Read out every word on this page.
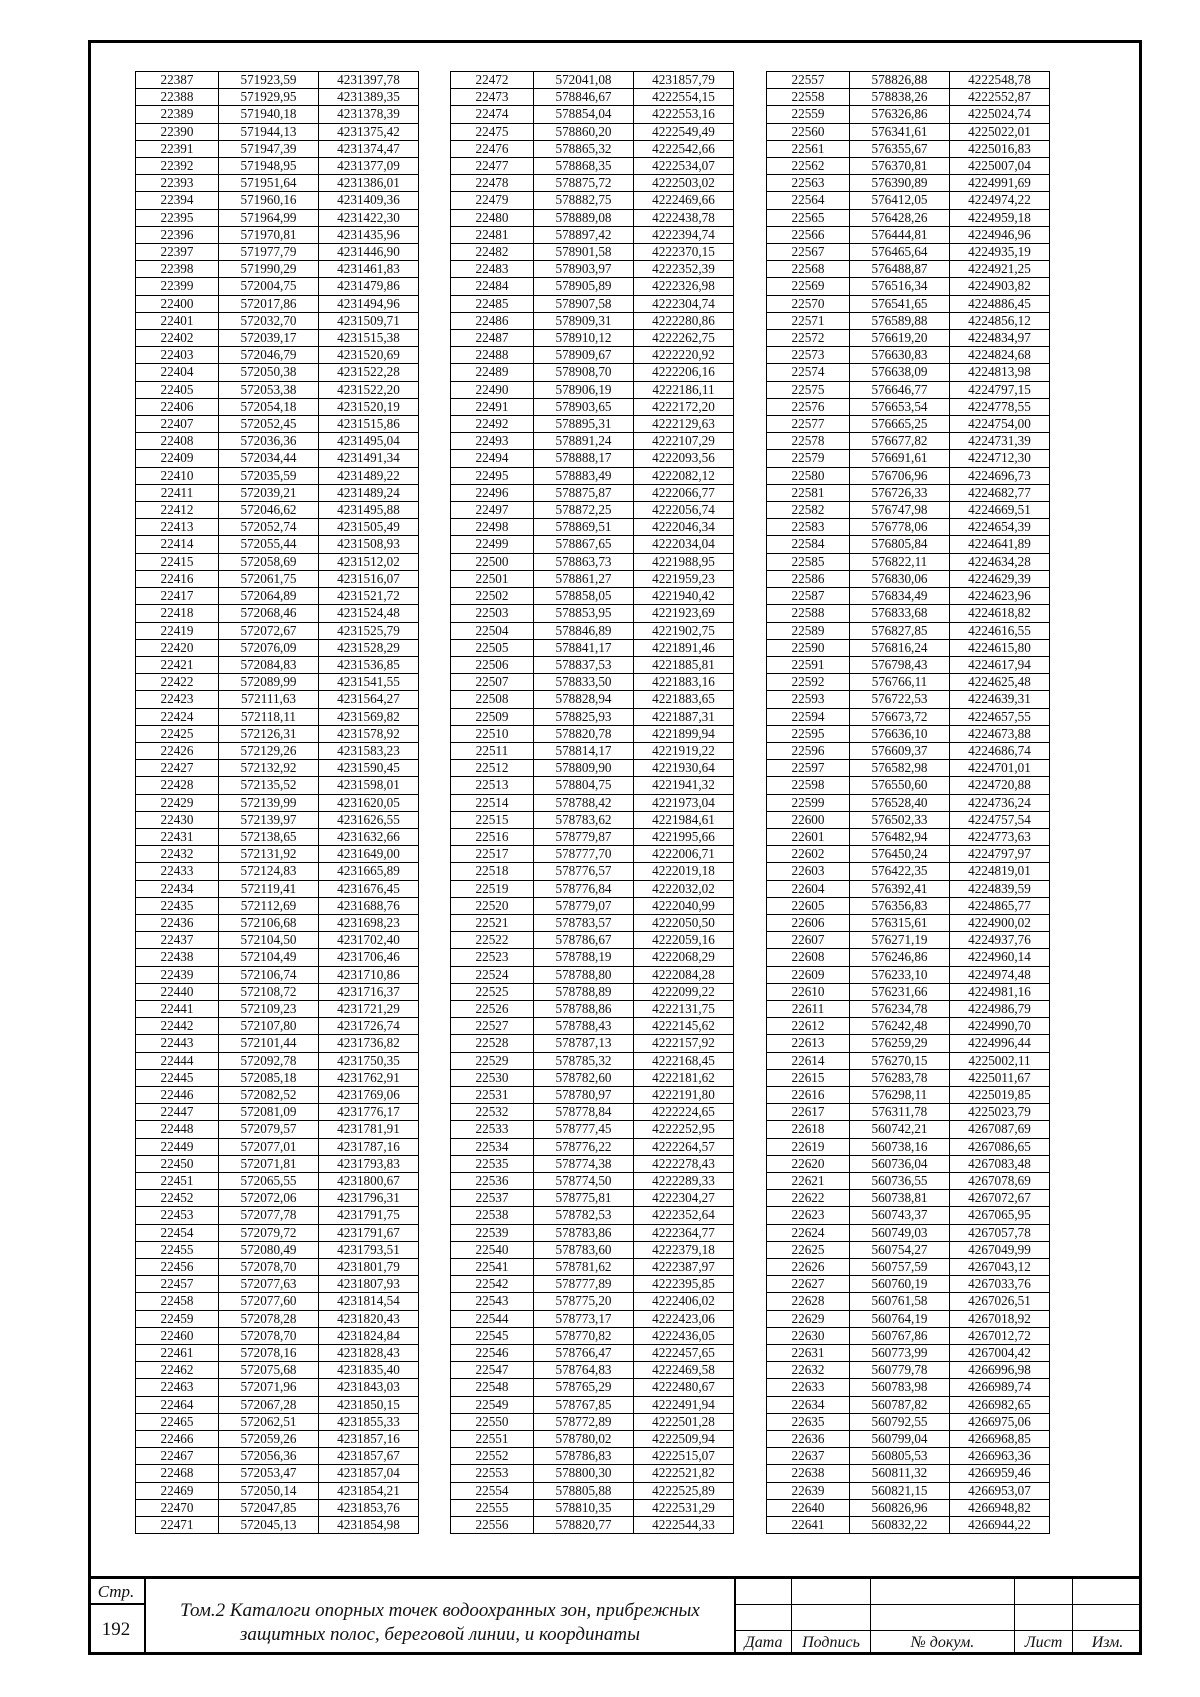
22387	571923,59	4231397,78
22388	571929,95	4231389,35
22389	571940,18	4231378,39
22390	571944,13	4231375,42
22391	571947,39	4231374,47
22392	571948,95	4231377,09
22393	571951,64	4231386,01
22394	571960,16	4231409,36
22395	571964,99	4231422,30
22396	571970,81	4231435,96
22397	571977,79	4231446,90
22398	571990,29	4231461,83
22399	572004,75	4231479,86
22400	572017,86	4231494,96
22401	572032,70	4231509,71
22402	572039,17	4231515,38
22403	572046,79	4231520,69
22404	572050,38	4231522,28
22405	572053,38	4231522,20
22406	572054,18	4231520,19
22407	572052,45	4231515,86
22408	572036,36	4231495,04
22409	572034,44	4231491,34
22410	572035,59	4231489,22
22411	572039,21	4231489,24
22412	572046,62	4231495,88
22413	572052,74	4231505,49
22414	572055,44	4231508,93
22415	572058,69	4231512,02
22416	572061,75	4231516,07
22417	572064,89	4231521,72
22418	572068,46	4231524,48
22419	572072,67	4231525,79
22420	572076,09	4231528,29
22421	572084,83	4231536,85
22422	572089,99	4231541,55
22423	572111,63	4231564,27
22424	572118,11	4231569,82
22425	572126,31	4231578,92
22426	572129,26	4231583,23
22427	572132,92	4231590,45
22428	572135,52	4231598,01
22429	572139,99	4231620,05
22430	572139,97	4231626,55
22431	572138,65	4231632,66
22432	572131,92	4231649,00
22433	572124,83	4231665,89
22434	572119,41	4231676,45
22435	572112,69	4231688,76
22436	572106,68	4231698,23
22437	572104,50	4231702,40
22438	572104,49	4231706,46
22439	572106,74	4231710,86
22440	572108,72	4231716,37
22441	572109,23	4231721,29
22442	572107,80	4231726,74
22443	572101,44	4231736,82
22444	572092,78	4231750,35
22445	572085,18	4231762,91
22446	572082,52	4231769,06
22447	572081,09	4231776,17
22448	572079,57	4231781,91
22449	572077,01	4231787,16
22450	572071,81	4231793,83
22451	572065,55	4231800,67
22452	572072,06	4231796,31
22453	572077,78	4231791,75
22454	572079,72	4231791,67
22455	572080,49	4231793,51
22456	572078,70	4231801,79
22457	572077,63	4231807,93
22458	572077,60	4231814,54
22459	572078,28	4231820,43
22460	572078,70	4231824,84
22461	572078,16	4231828,43
22462	572075,68	4231835,40
22463	572071,96	4231843,03
22464	572067,28	4231850,15
22465	572062,51	4231855,33
22466	572059,26	4231857,16
22467	572056,36	4231857,67
22468	572053,47	4231857,04
22469	572050,14	4231854,21
22470	572047,85	4231853,76
22471	572045,13	4231854,98
22472	572041,08	4231857,79
22473	578846,67	4222554,15
22474	578854,04	4222553,16
22475	578860,20	4222549,49
22476	578865,32	4222542,66
22477	578868,35	4222534,07
22478	578875,72	4222503,02
22479	578882,75	4222469,66
22480	578889,08	4222438,78
22481	578897,42	4222394,74
22482	578901,58	4222370,15
22483	578903,97	4222352,39
22484	578905,89	4222326,98
22485	578907,58	4222304,74
22486	578909,31	4222280,86
22487	578910,12	4222262,75
22488	578909,67	4222220,92
22489	578908,70	4222206,16
22490	578906,19	4222186,11
22491	578903,65	4222172,20
22492	578895,31	4222129,63
22493	578891,24	4222107,29
22494	578888,17	4222093,56
22495	578883,49	4222082,12
22496	578875,87	4222066,77
22497	578872,25	4222056,74
22498	578869,51	4222046,34
22499	578867,65	4222034,04
22500	578863,73	4221988,95
22501	578861,27	4221959,23
22502	578858,05	4221940,42
22503	578853,95	4221923,69
22504	578846,89	4221902,75
22505	578841,17	4221891,46
22506	578837,53	4221885,81
22507	578833,50	4221883,16
22508	578828,94	4221883,65
22509	578825,93	4221887,31
22510	578820,78	4221899,94
22511	578814,17	4221919,22
22512	578809,90	4221930,64
22513	578804,75	4221941,32
22514	578788,42	4221973,04
22515	578783,62	4221984,61
22516	578779,87	4221995,66
22517	578777,70	4222006,71
22518	578776,57	4222019,18
22519	578776,84	4222032,02
22520	578779,07	4222040,99
22521	578783,57	4222050,50
22522	578786,67	4222059,16
22523	578788,19	4222068,29
22524	578788,80	4222084,28
22525	578788,89	4222099,22
22526	578788,86	4222131,75
22527	578788,43	4222145,62
22528	578787,13	4222157,92
22529	578785,32	4222168,45
22530	578782,60	4222181,62
22531	578780,97	4222191,80
22532	578778,84	4222224,65
22533	578777,45	4222252,95
22534	578776,22	4222264,57
22535	578774,38	4222278,43
22536	578774,50	4222289,33
22537	578775,81	4222304,27
22538	578782,53	4222352,64
22539	578783,86	4222364,77
22540	578783,60	4222379,18
22541	578781,62	4222387,97
22542	578777,89	4222395,85
22543	578775,20	4222406,02
22544	578773,17	4222423,06
22545	578770,82	4222436,05
22546	578766,47	4222457,65
22547	578764,83	4222469,58
22548	578765,29	4222480,67
22549	578767,85	4222491,94
22550	578772,89	4222501,28
22551	578780,02	4222509,94
22552	578786,83	4222515,07
22553	578800,30	4222521,82
22554	578805,88	4222525,89
22555	578810,35	4222531,29
22556	578820,77	4222544,33
22557	578826,88	4222548,78
22558	578838,26	4222552,87
22559	576326,86	4225024,74
22560	576341,61	4225022,01
22561	576355,67	4225016,83
22562	576370,81	4225007,04
22563	576390,89	4224991,69
22564	576412,05	4224974,22
22565	576428,26	4224959,18
22566	576444,81	4224946,96
22567	576465,64	4224935,19
22568	576488,87	4224921,25
22569	576516,34	4224903,82
22570	576541,65	4224886,45
22571	576589,88	4224856,12
22572	576619,20	4224834,97
22573	576630,83	4224824,68
22574	576638,09	4224813,98
22575	576646,77	4224797,15
22576	576653,54	4224778,55
22577	576665,25	4224754,00
22578	576677,82	4224731,39
22579	576691,61	4224712,30
22580	576706,96	4224696,73
22581	576726,33	4224682,77
22582	576747,98	4224669,51
22583	576778,06	4224654,39
22584	576805,84	4224641,89
22585	576822,11	4224634,28
22586	576830,06	4224629,39
22587	576834,49	4224623,96
22588	576833,68	4224618,82
22589	576827,85	4224616,55
22590	576816,24	4224615,80
22591	576798,43	4224617,94
22592	576766,11	4224625,48
22593	576722,53	4224639,31
22594	576673,72	4224657,55
22595	576636,10	4224673,88
22596	576609,37	4224686,74
22597	576582,98	4224701,01
22598	576550,60	4224720,88
22599	576528,40	4224736,24
22600	576502,33	4224757,54
22601	576482,94	4224773,63
22602	576450,24	4224797,97
22603	576422,35	4224819,01
22604	576392,41	4224839,59
22605	576356,83	4224865,77
22606	576315,61	4224900,02
22607	576271,19	4224937,76
22608	576246,86	4224960,14
22609	576233,10	4224974,48
22610	576231,66	4224981,16
22611	576234,78	4224986,79
22612	576242,48	4224990,70
22613	576259,29	4224996,44
22614	576270,15	4225002,11
22615	576283,78	4225011,67
22616	576298,11	4225019,85
22617	576311,78	4225023,79
22618	560742,21	4267087,69
22619	560738,16	4267086,65
22620	560736,04	4267083,48
22621	560736,55	4267078,69
22622	560738,81	4267072,67
22623	560743,37	4267065,95
22624	560749,03	4267057,78
22625	560754,27	4267049,99
22626	560757,59	4267043,12
22627	560760,19	4267033,76
22628	560761,58	4267026,51
22629	560764,19	4267018,92
22630	560767,86	4267012,72
22631	560773,99	4267004,42
22632	560779,78	4266996,98
22633	560783,98	4266989,74
22634	560787,82	4266982,65
22635	560792,55	4266975,06
22636	560799,04	4266968,85
22637	560805,53	4266963,36
22638	560811,32	4266959,46
22639	560821,15	4266953,07
22640	560826,96	4266948,82
22641	560832,22	4266944,22
Стр.
192
Том.2 Каталоги опорных точек водоохранных зон, прибрежных
защитных полос, береговой линии, и координаты	Дата	Подпись	№ докум.	Лист	Изм.
